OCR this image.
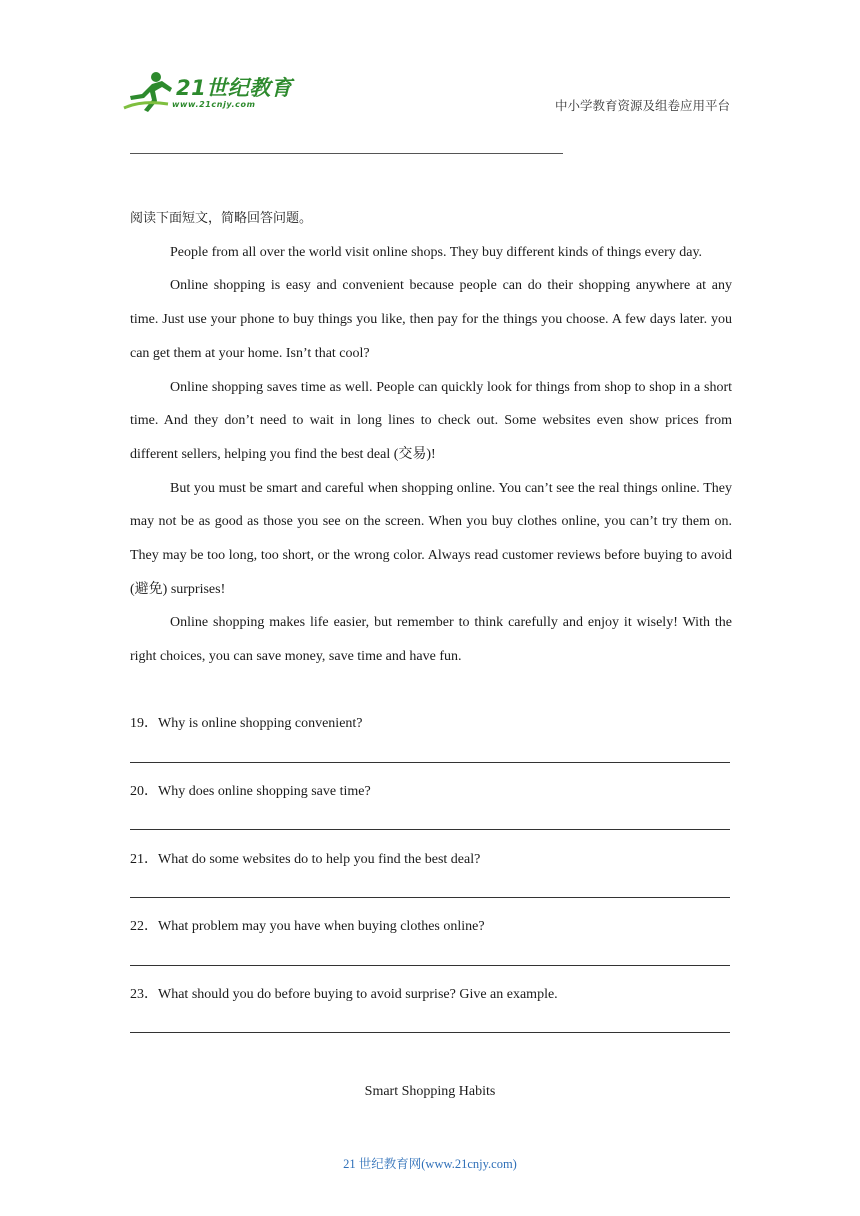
21世纪教育
www.21cnjy.com	中小学教育资源及组卷应用平台

阅读下面短文，简略回答问题。

People from all over the world visit online shops. They buy different kinds of things every day.

Online shopping is easy and convenient because people can do their shopping anywhere at any time. Just use your phone to buy things you like, then pay for the things you choose. A few days later. you can get them at your home. Isn’t that cool?

Online shopping saves time as well. People can quickly look for things from shop to shop in a short time. And they don’t need to wait in long lines to check out. Some websites even show prices from different sellers, helping you find the best deal (交易)!

But you must be smart and careful when shopping online. You can’t see the real things online. They may not be as good as those you see on the screen. When you buy clothes online, you can’t try them on. They may be too long, too short, or the wrong color. Always read customer reviews before buying to avoid (避免) surprises!

Online shopping makes life easier, but remember to think carefully and enjoy it wisely! With the right choices, you can save money, save time and have fun.

19．Why is online shopping convenient?
20．Why does online shopping save time?
21．What do some websites do to help you find the best deal?
22．What problem may you have when buying clothes online?
23．What should you do before buying to avoid surprise? Give an example.
Smart Shopping Habits
21 世纪教育网(www.21cnjy.com)
